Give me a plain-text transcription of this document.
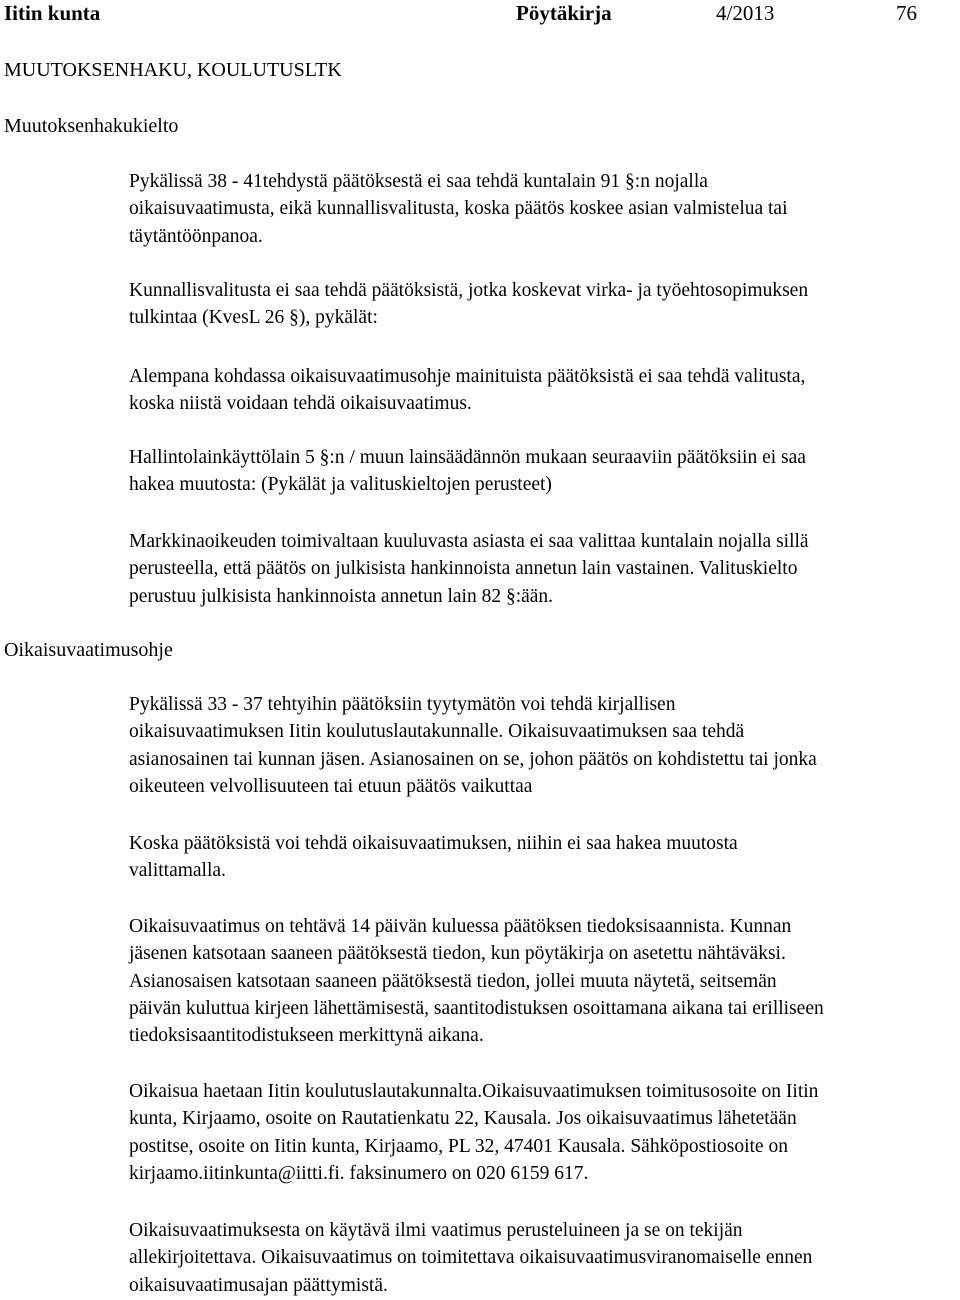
Iitin kunta	Pöytäkirja	4/2013	76
MUUTOKSENHAKU, KOULUTUSLTK
Muutoksenhakukielto
Oikaisuvaatimusohje
Pykälissä 38 - 41tehdystä päätöksestä ei saa tehdä kuntalain 91 §:n nojalla
oikaisuvaatimusta, eikä kunnallisvalitusta, koska päätös koskee asian valmistelua tai
täytäntöönpanoa.
Kunnallisvalitusta ei saa tehdä päätöksistä, jotka koskevat virka- ja työehtosopimuksen
tulkintaa (KvesL 26 §), pykälät:
Alempana kohdassa oikaisuvaatimusohje mainituista päätöksistä ei saa tehdä valitusta,
koska niistä voidaan tehdä oikaisuvaatimus.
Hallintolainkäyttölain 5 §:n / muun lainsäädännön mukaan seuraaviin päätöksiin ei saa
hakea muutosta: (Pykälät ja valituskieltojen perusteet)
Markkinaoikeuden toimivaltaan kuuluvasta asiasta ei saa valittaa kuntalain nojalla sillä
perusteella, että päätös on julkisista hankinnoista annetun lain vastainen. Valituskielto
perustuu julkisista hankinnoista annetun lain 82 §:ään.
Pykälissä 33 - 37 tehtyihin päätöksiin tyytymätön voi tehdä kirjallisen
oikaisuvaatimuksen Iitin koulutuslautakunnalle. Oikaisuvaatimuksen saa tehdä
asianosainen tai kunnan jäsen. Asianosainen on se, johon päätös on kohdistettu tai jonka
oikeuteen velvollisuuteen tai etuun päätös vaikuttaa
Koska päätöksistä voi tehdä oikaisuvaatimuksen, niihin ei saa hakea muutosta
valittamalla.
Oikaisuvaatimus on tehtävä 14 päivän kuluessa päätöksen tiedoksisaannista. Kunnan
jäsenen katsotaan saaneen päätöksestä tiedon, kun pöytäkirja on asetettu nähtäväksi.
Asianosaisen katsotaan saaneen päätöksestä tiedon, jollei muuta näytetä, seitsemän
päivän kuluttua kirjeen lähettämisestä, saantitodistuksen osoittamana aikana tai erilliseen
tiedoksisaantitodistukseen merkittynä aikana.
Oikaisua haetaan Iitin koulutuslautakunnalta.Oikaisuvaatimuksen toimitusosoite on Iitin
kunta, Kirjaamo, osoite on Rautatienkatu 22, Kausala. Jos oikaisuvaatimus lähetetään
postitse, osoite on Iitin kunta, Kirjaamo, PL 32, 47401 Kausala. Sähköpostiosoite on
kirjaamo.iitinkunta@iitti.fi. faksinumero on 020 6159 617.
Oikaisuvaatimuksesta on käytävä ilmi vaatimus perusteluineen ja se on tekijän
allekirjoitettava. Oikaisuvaatimus on toimitettava oikaisuvaatimusviranomaiselle ennen
oikaisuvaatimusajan päättymistä.
